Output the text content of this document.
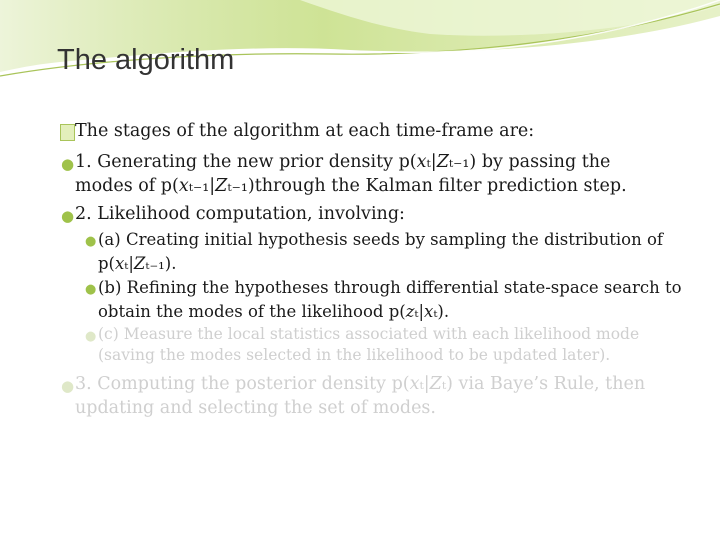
The algorithm
The stages of the algorithm at each time-frame are:
● 1. Generating the new prior density p(𝑥ₜ|𝑍ₜ₋₁) by passing the
modes of p(𝑥ₜ₋₁|𝑍ₜ₋₁)through the Kalman filter prediction step.
● 2. Likelihood computation, involving:
● (a) Creating initial hypothesis seeds by sampling the distribution of
p(𝑥ₜ|𝑍ₜ₋₁).
● (b) Refining the hypotheses through differential state-space search to
obtain the modes of the likelihood p(𝑧ₜ|𝑥ₜ).
● (c) Measure the local statistics associated with each likelihood mode
(saving the modes selected in the likelihood to be updated later).
● 3. Computing the posterior density p(𝑥ₜ|𝑍ₜ) via Baye’s Rule, then
updating and selecting the set of modes.
